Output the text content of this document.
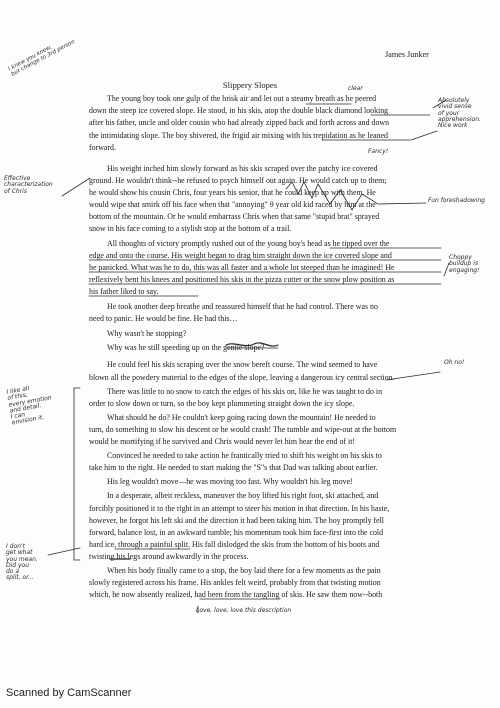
James Junker
Slippery Slopes
The young boy took one gulp of the brisk air and let out a steamy breath as he peered
down the steep ice covered slope. He stood, in his skis, atop the double black diamond looking
after his father, uncle and older cousin who had already zipped back and forth across and down
the intimidating slope. The boy shivered, the frigid air mixing with his trepidation as he leaned
forward.
His weight inched him slowly forward as his skis scraped over the patchy ice covered
ground. He wouldn't think--he refused to psych himself out again. He would catch up to them;
he would show his cousin Chris, four years his senior, that he could keep up with them. He
would wipe that smirk off his face when that "annoying" 9 year old kid raced by him at the
bottom of the mountain. Or he would embarrass Chris when that same "stupid brat" sprayed
snow in his face coming to a stylish stop at the bottom of a trail.
All thoughts of victory promptly rushed out of the young boy's head as he tipped over the
edge and onto the course. His weight began to drag him straight down the ice covered slope and
he panicked. What was he to do, this was all faster and a whole lot steeped than he imagined! He
reflexively bent his knees and positioned his skis in the pizza cutter or the snow plow position as
his father liked to say.
He took another deep breathe and reassured himself that he had control. There was no
need to panic. He would be fine. He had this…
Why wasn't he stopping?
Why was he still speeding up on the gentle slope?
He could feel his skis scraping over the snow bereft course. The wind seemed to have
blown all the powdery material to the edges of the slope, leaving a dangerous icy central section.
There was little to no snow to catch the edges of his skis on, like he was taught to do in
order to slow down or turn, so the boy kept plummeting straight down the icy slope.
What should he do? He couldn't keep going racing down the mountain! He needed to
turn, do something to slow his descent or he would crash! The tumble and wipe-out at the bottom
would be mortifying if he survived and Chris would never let him hear the end of it!
Convinced he needed to take action he frantically tried to shift his weight on his skis to
take him to the right. He needed to start making the "S"s that Dad was talking about earlier.
His leg wouldn't move—he was moving too fast. Why wouldn't his leg move!
In a desperate, albeit reckless, maneuver the boy lifted his right foot, ski attached, and
forcibly positioned it to the right in an attempt to steer his motion in that direction. In his haste,
however, he forgot his left ski and the direction it had been taking him. The boy promptly fell
forward, balance lost, in an awkward tumble; his momentum took him face-first into the cold
hard ice, through a painful split. His fall dislodged the skis from the bottom of his boots and
twisting his legs around awkwardly in the process.
When his body finally came to a stop, the boy laid there for a few moments as the pain
slowly registered across his frame. His ankles felt weird, probably from that twisting motion
which, he now absently realized, had been from the tangling of skis. He saw them now--both
I knew you knew,
but change to 3rd person
Absolutely
vivid sense
of your
apprehension.
Nice work
Effective
characterization
of Chris
Fun foreshadowing
Choppy
buildup is
engaging!
Oh no!
I like all
of this,
every emotion
and detail.
I can
envision it.
I don't
get what
you mean.
Did you
do a
split, or...
Love, love, love this description
Fancy!
clear
Scanned by CamScanner
